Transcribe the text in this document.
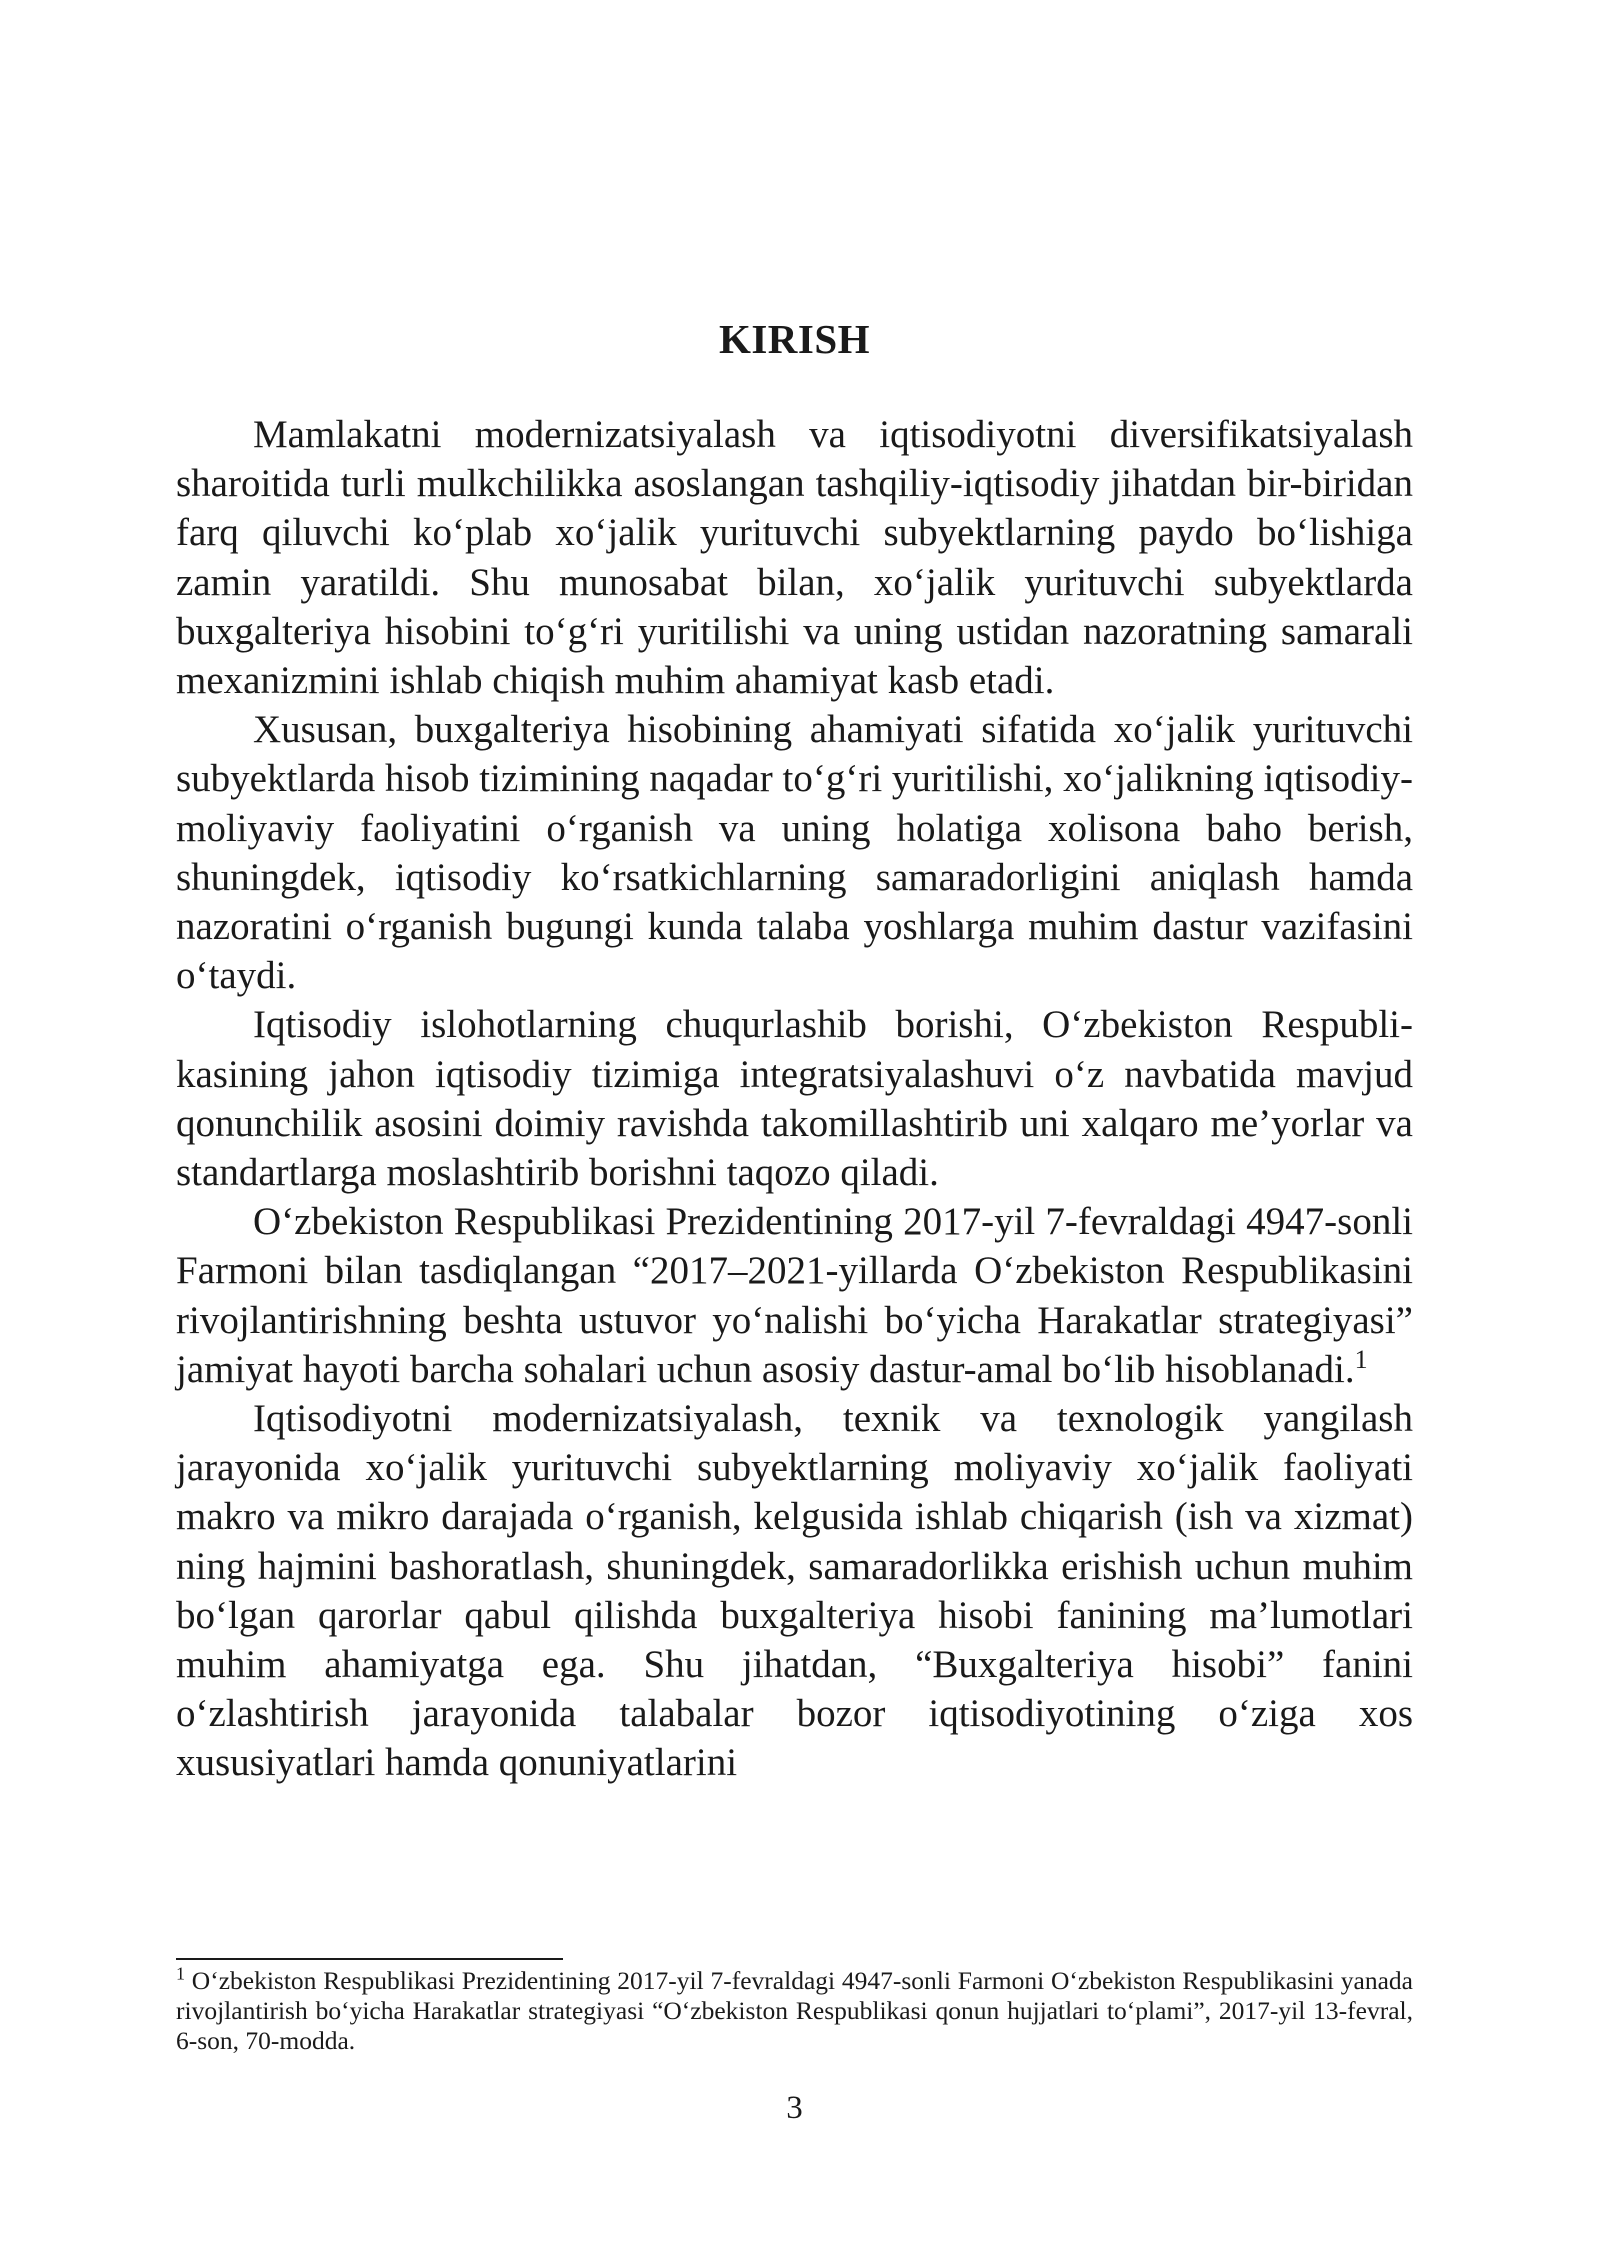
KIRISH

Mamlakatni modernizatsiyalash va iqtisodiyotni diversifikatsiyalash sharoitida turli mulkchilikka asoslangan tashqiliy-iqtisodiy jihatdan bir-biridan farq qiluvchi ko‘plab xo‘jalik yurituvchi subyektlarning paydo bo‘lishiga zamin yaratildi. Shu munosabat bilan, xo‘jalik yurituvchi subyektlarda buxgalteriya hisobini to‘g‘ri yuritilishi va uning ustidan nazoratning samarali mexanizmini ishlab chiqish muhim ahamiyat kasb etadi.

Xususan, buxgalteriya hisobining ahamiyati sifatida xo‘jalik yurituvchi subyektlarda hisob tizimining naqadar to‘g‘ri yuritilishi, xo‘jalikning iqtisodiy-moliyaviy faoliyatini o‘rganish va uning holatiga xolisona baho berish, shuningdek, iqtisodiy ko‘rsatkichlarning samaradorligini aniqlash hamda nazoratini o‘rganish bugungi kunda talaba yoshlarga muhim dastur vazifasini o‘taydi.

Iqtisodiy islohotlarning chuqurlashib borishi, O‘zbekiston Respublikasining jahon iqtisodiy tizimiga integratsiyalashuvi o‘z navbatida mavjud qonunchilik asosini doimiy ravishda takomillashtirib uni xalqaro me’yorlar va standartlarga moslashtirib borishni taqozo qiladi.

O‘zbekiston Respublikasi Prezidentining 2017-yil 7-fevraldagi 4947-sonli Farmoni bilan tasdiqlangan “2017–2021-yillarda O‘zbekiston Respublikasini rivojlantirishning beshta ustuvor yo‘nalishi bo‘yicha Harakatlar strategiyasi” jamiyat hayoti barcha sohalari uchun asosiy dastur-amal bo‘lib hisoblanadi.$^1$

Iqtisodiyotni modernizatsiyalash, texnik va texnologik yangilash jarayonida xo‘jalik yurituvchi subyektlarning moliyaviy xo‘jalik faoliyati makro va mikro darajada o‘rganish, kelgusida ishlab chiqarish (ish va xizmat) ning hajmini bashoratlash, shuningdek, samaradorlikka erishish uchun muhim bo‘lgan qarorlar qabul qilishda buxgalteriya hisobi fanining ma’lumotlari muhim ahamiyatga ega. Shu jihatdan, “Buxgalteriya hisobi” fanini o‘zlashtirish jarayonida talabalar bozor iqtisodiyotining o‘ziga xos xususiyatlari hamda qonuniyatlarini

$^1$ O‘zbekiston Respublikasi Prezidentining 2017-yil 7-fevraldagi 4947-sonli Farmoni O‘zbekiston Respublikasini yanada rivojlantirish bo‘yicha Harakatlar strategiyasi “O‘zbekiston Respublikasi qonun hujjatlari to‘plami”, 2017-yil 13-fevral, 6-son, 70-modda.

3
